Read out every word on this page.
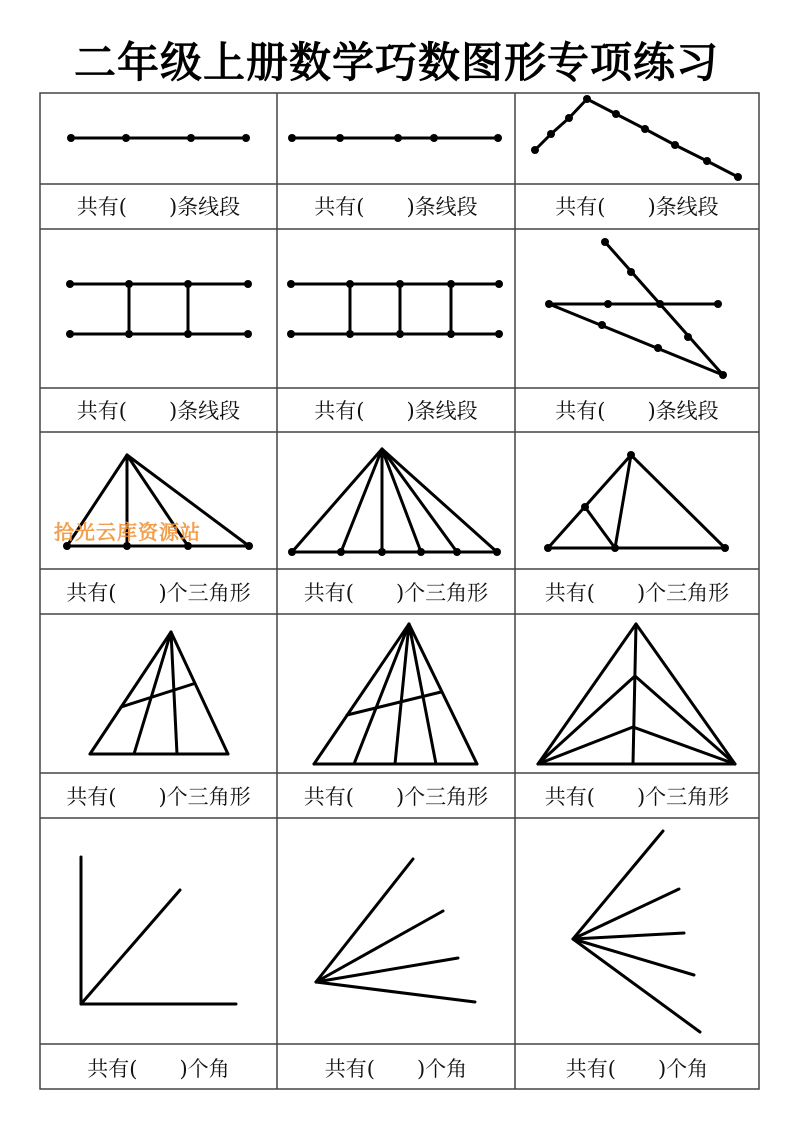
二年级上册数学巧数图形专项练习
拾光云库资源站
共有(　　)条线段	共有(　　)条线段	共有(　　)条线段
共有(　　)条线段	共有(　　)条线段	共有(　　)条线段
共有(　　)个三角形	共有(　　)个三角形	共有(　　)个三角形
共有(　　)个三角形	共有(　　)个三角形	共有(　　)个三角形
共有(　　)个角	共有(　　)个角	共有(　　)个角
